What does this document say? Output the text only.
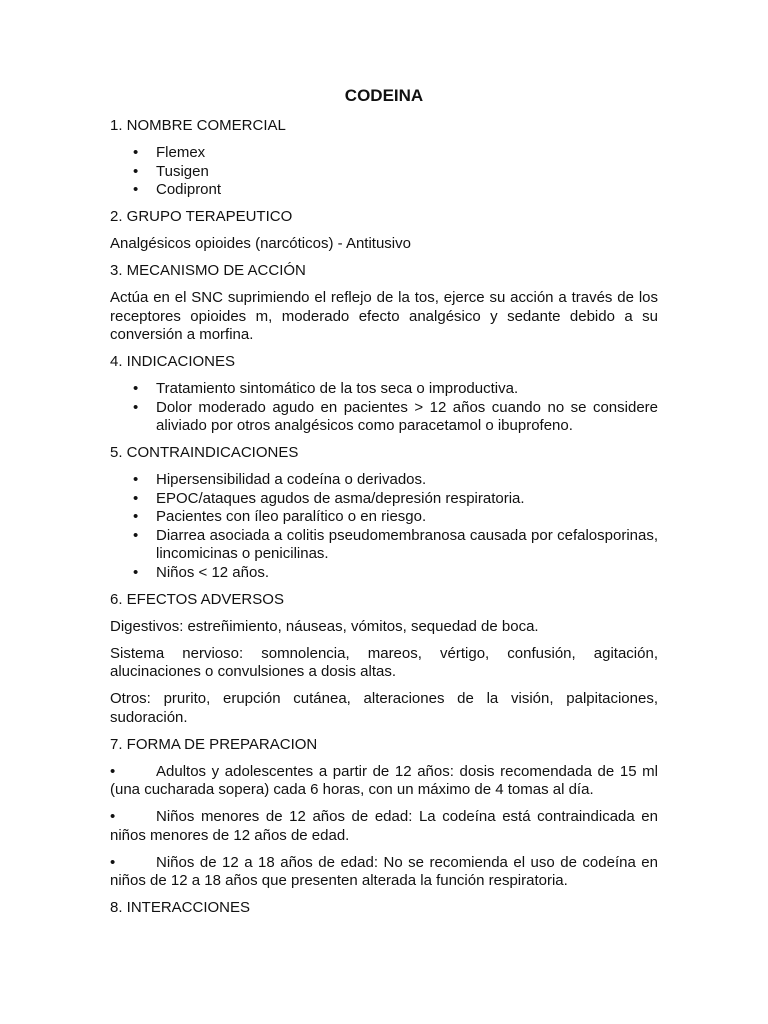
CODEINA
1. NOMBRE COMERCIAL
• Flemex
• Tusigen
• Codipront
2. GRUPO TERAPEUTICO
Analgésicos opioides (narcóticos) - Antitusivo
3. MECANISMO DE ACCIÓN
Actúa en el SNC suprimiendo el reflejo de la tos, ejerce su acción a través de los receptores opioides m, moderado efecto analgésico y sedante debido a su conversión a morfina.
4. INDICACIONES
• Tratamiento sintomático de la tos seca o improductiva.
• Dolor moderado agudo en pacientes > 12 años cuando no se considere aliviado por otros analgésicos como paracetamol o ibuprofeno.
5. CONTRAINDICACIONES
• Hipersensibilidad a codeína o derivados.
• EPOC/ataques agudos de asma/depresión respiratoria.
• Pacientes con íleo paralítico o en riesgo.
• Diarrea asociada a colitis pseudomembranosa causada por cefalosporinas, lincomicinas o penicilinas.
• Niños < 12 años.
6. EFECTOS ADVERSOS
Digestivos: estreñimiento, náuseas, vómitos, sequedad de boca.
Sistema nervioso: somnolencia, mareos, vértigo, confusión, agitación, alucinaciones o convulsiones a dosis altas.
Otros: prurito, erupción cutánea, alteraciones de la visión, palpitaciones, sudoración.
7. FORMA DE PREPARACION
•	Adultos y adolescentes a partir de 12 años: dosis recomendada de 15 ml (una cucharada sopera) cada 6 horas, con un máximo de 4 tomas al día.
•	Niños menores de 12 años de edad: La codeína está contraindicada en niños menores de 12 años de edad.
•	Niños de 12 a 18 años de edad: No se recomienda el uso de codeína en niños de 12 a 18 años que presenten alterada la función respiratoria.
8. INTERACCIONES
